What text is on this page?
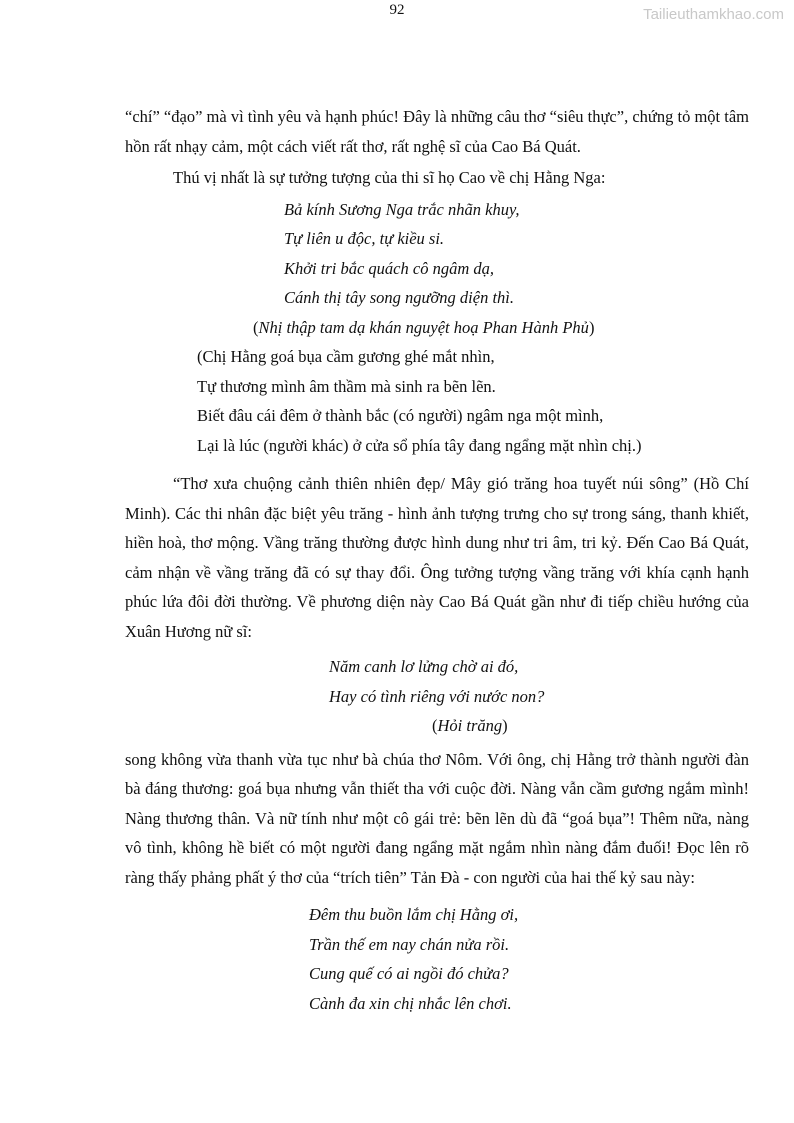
92	Tailieuthamkhao.com

“chí” “đạo” mà vì tình yêu và hạnh phúc! Đây là những câu thơ “siêu thực”, chứng tỏ một tâm hồn rất nhạy cảm, một cách viết rất thơ, rất nghệ sĩ của Cao Bá Quát.

Thú vị nhất là sự tưởng tượng của thi sĩ họ Cao về chị Hằng Nga:

Bả kính Sương Nga trắc nhãn khuy,
Tự liên u độc, tự kiều si.
Khởi tri bắc quách cô ngâm dạ,
Cánh thị tây song ngưỡng diện thì.
(Nhị thập tam dạ khán nguyệt hoạ Phan Hành Phủ)
(Chị Hằng goá bụa cầm gương ghé mắt nhìn,
Tự thương mình âm thầm mà sinh ra bẽn lẽn.
Biết đâu cái đêm ở thành bắc (có người) ngâm nga một mình,
Lại là lúc (người khác) ở cửa sổ phía tây đang ngẩng mặt nhìn chị.)

“Thơ xưa chuộng cảnh thiên nhiên đẹp/ Mây gió trăng hoa tuyết núi sông” (Hồ Chí Minh). Các thi nhân đặc biệt yêu trăng - hình ảnh tượng trưng cho sự trong sáng, thanh khiết, hiền hoà, thơ mộng. Vầng trăng thường được hình dung như tri âm, tri kỷ. Đến Cao Bá Quát, cảm nhận về vầng trăng đã có sự thay đổi. Ông tưởng tượng vầng trăng với khía cạnh hạnh phúc lứa đôi đời thường. Về phương diện này Cao Bá Quát gần như đi tiếp chiều hướng của Xuân Hương nữ sĩ:

Năm canh lơ lửng chờ ai đó,
Hay có tình riêng với nước non?
(Hỏi trăng)

song không vừa thanh vừa tục như bà chúa thơ Nôm. Với ông, chị Hằng trở thành người đàn bà đáng thương: goá bụa nhưng vẫn thiết tha với cuộc đời. Nàng vẫn cầm gương ngắm mình! Nàng thương thân. Và nữ tính như một cô gái trẻ: bẽn lẽn dù đã “goá bụa”! Thêm nữa, nàng vô tình, không hề biết có một người đang ngẩng mặt ngắm nhìn nàng đắm đuối! Đọc lên rõ ràng thấy phảng phất ý thơ của “trích tiên” Tản Đà - con người của hai thế kỷ sau này:

Đêm thu buồn lắm chị Hằng ơi,
Trần thế em nay chán nửa rồi.
Cung quế có ai ngồi đó chửa?
Cành đa xin chị nhắc lên chơi.
